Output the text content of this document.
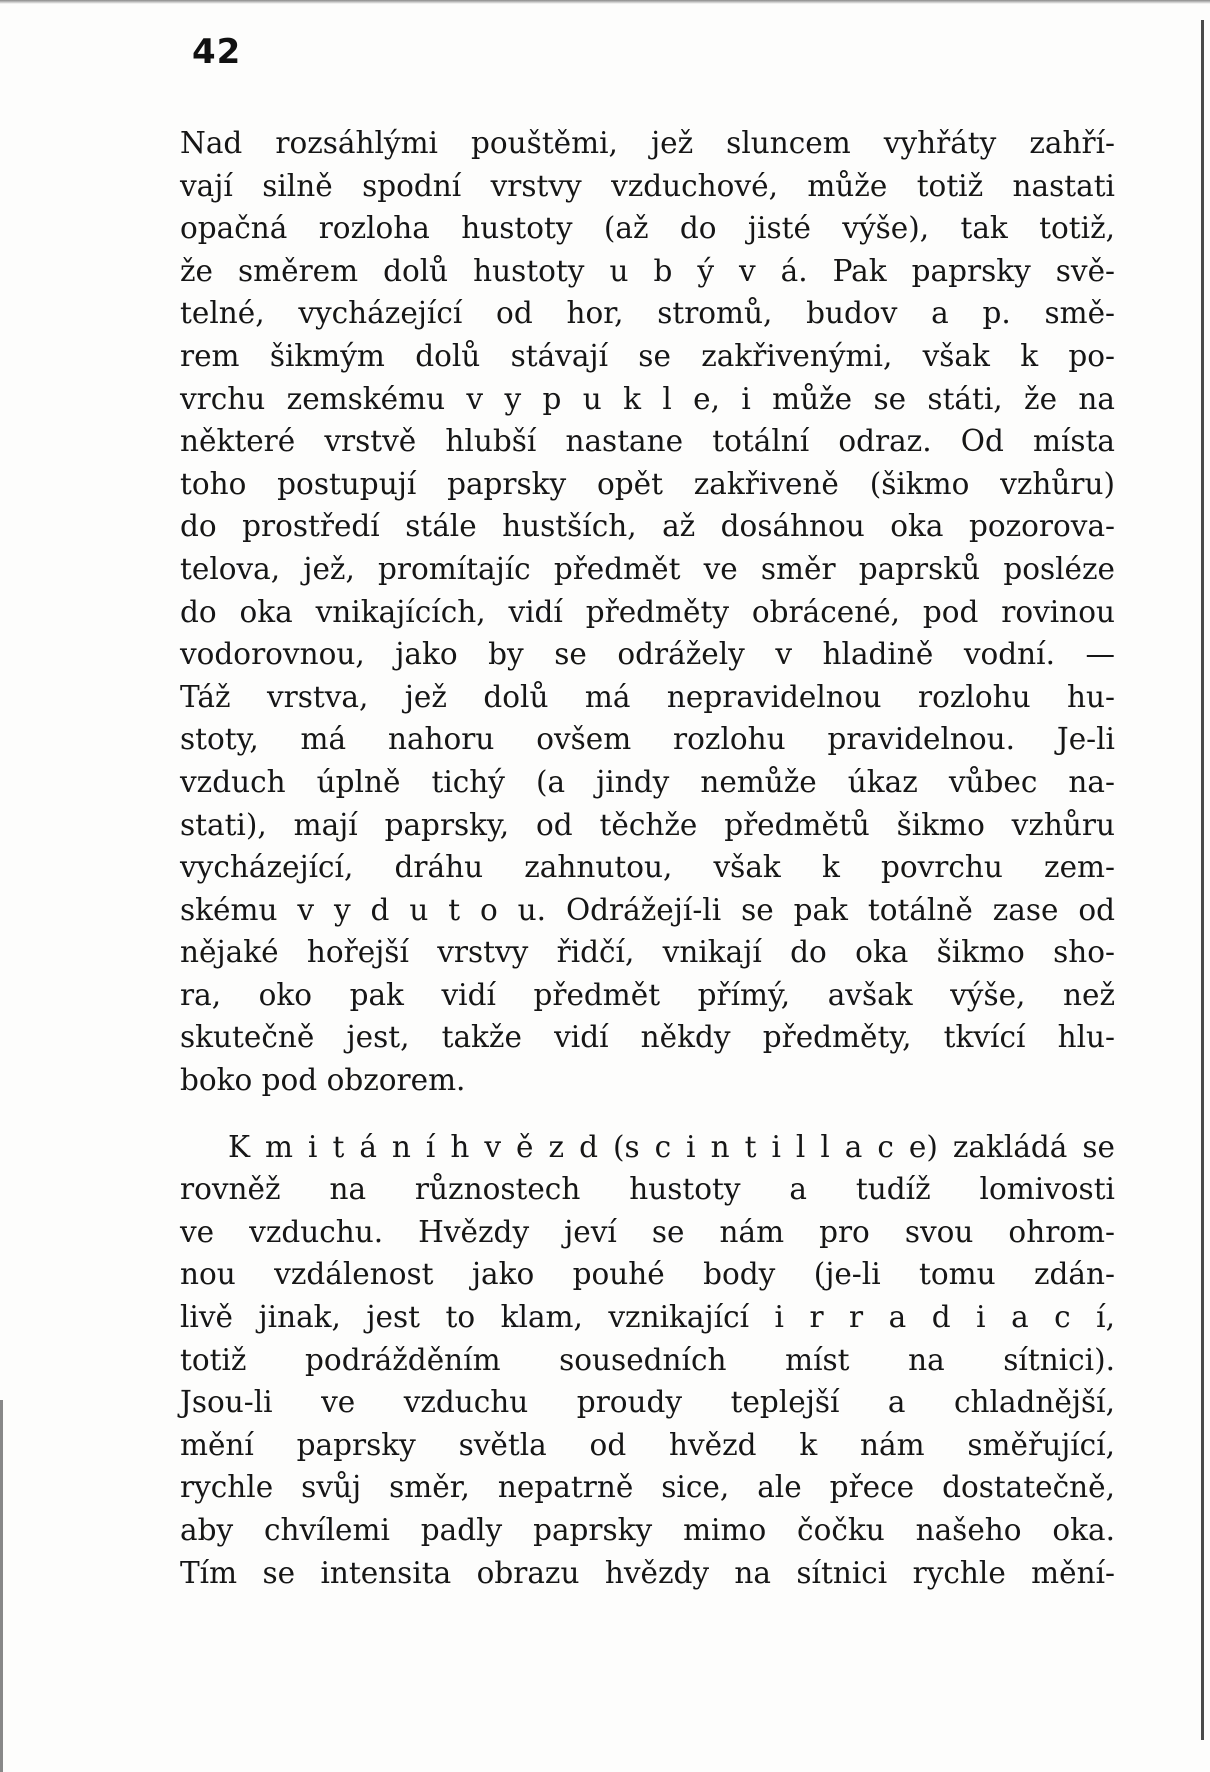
42
Nad rozsáhlými pouštěmi, jež sluncem vyhřáty zahří-
vají silně spodní vrstvy vzduchové, může totiž nastati
opačná rozloha hustoty (až do jisté výše), tak totiž,
že směrem dolů hustoty u b ý v á. Pak paprsky svě-
telné, vycházející od hor, stromů, budov a p. smě-
rem šikmým dolů stávají se zakřivenými, však k po-
vrchu zemskému v y p u k l e, i může se státi, že na
některé vrstvě hlubší nastane totální odraz. Od místa
toho postupují paprsky opět zakřiveně (šikmo vzhůru)
do prostředí stále hustších, až dosáhnou oka pozorova-
telova, jež, promítajíc předmět ve směr paprsků posléze
do oka vnikajících, vidí předměty obrácené, pod rovinou
vodorovnou, jako by se odrážely v hladině vodní. —
Táž vrstva, jež dolů má nepravidelnou rozlohu hu-
stoty, má nahoru ovšem rozlohu pravidelnou. Je-li
vzduch úplně tichý (a jindy nemůže úkaz vůbec na-
stati), mají paprsky, od těchže předmětů šikmo vzhůru
vycházející, dráhu zahnutou, však k povrchu zem-
skému v y d u t o u. Odrážejí-li se pak totálně zase od
nějaké hořejší vrstvy řidčí, vnikají do oka šikmo sho-
ra, oko pak vidí předmět přímý, avšak výše, než
skutečně jest, takže vidí někdy předměty, tkvící hlu-
boko pod obzorem.
K m i t á n í h v ě z d (s c i n t i l l a c e) zakládá se
rovněž na různostech hustoty a tudíž lomivosti
ve vzduchu. Hvězdy jeví se nám pro svou ohrom-
nou vzdálenost jako pouhé body (je-li tomu zdán-
livě jinak, jest to klam, vznikající i r r a d i a c í,
totiž podrážděním sousedních míst na sítnici).
Jsou-li ve vzduchu proudy teplejší a chladnější,
mění paprsky světla od hvězd k nám směřující,
rychle svůj směr, nepatrně sice, ale přece dostatečně,
aby chvílemi padly paprsky mimo čočku našeho oka.
Tím se intensita obrazu hvězdy na sítnici rychle mění-
